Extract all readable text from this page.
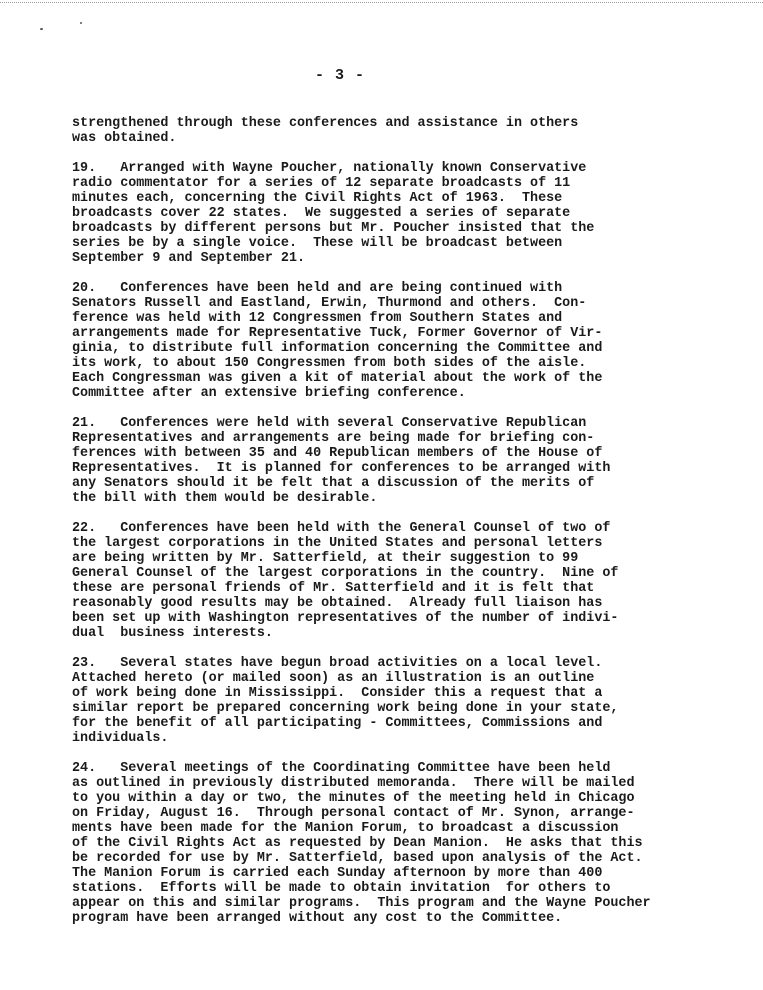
- 3 -
strengthened through these conferences and assistance in others
was obtained.
19.   Arranged with Wayne Poucher, nationally known Conservative
radio commentator for a series of 12 separate broadcasts of 11
minutes each, concerning the Civil Rights Act of 1963.  These
broadcasts cover 22 states.  We suggested a series of separate
broadcasts by different persons but Mr. Poucher insisted that the
series be by a single voice.  These will be broadcast between
September 9 and September 21.
20.   Conferences have been held and are being continued with
Senators Russell and Eastland, Erwin, Thurmond and others.  Con-
ference was held with 12 Congressmen from Southern States and
arrangements made for Representative Tuck, Former Governor of Vir-
ginia, to distribute full information concerning the Committee and
its work, to about 150 Congressmen from both sides of the aisle.
Each Congressman was given a kit of material about the work of the
Committee after an extensive briefing conference.
21.   Conferences were held with several Conservative Republican
Representatives and arrangements are being made for briefing con-
ferences with between 35 and 40 Republican members of the House of
Representatives.  It is planned for conferences to be arranged with
any Senators should it be felt that a discussion of the merits of
the bill with them would be desirable.
22.   Conferences have been held with the General Counsel of two of
the largest corporations in the United States and personal letters
are being written by Mr. Satterfield, at their suggestion to 99
General Counsel of the largest corporations in the country.  Nine of
these are personal friends of Mr. Satterfield and it is felt that
reasonably good results may be obtained.  Already full liaison has
been set up with Washington representatives of the number of indivi-
dual  business interests.
23.   Several states have begun broad activities on a local level.
Attached hereto (or mailed soon) as an illustration is an outline
of work being done in Mississippi.  Consider this a request that a
similar report be prepared concerning work being done in your state,
for the benefit of all participating - Committees, Commissions and
individuals.
24.   Several meetings of the Coordinating Committee have been held
as outlined in previously distributed memoranda.  There will be mailed
to you within a day or two, the minutes of the meeting held in Chicago
on Friday, August 16.  Through personal contact of Mr. Synon, arrange-
ments have been made for the Manion Forum, to broadcast a discussion
of the Civil Rights Act as requested by Dean Manion.  He asks that this
be recorded for use by Mr. Satterfield, based upon analysis of the Act.
The Manion Forum is carried each Sunday afternoon by more than 400
stations.  Efforts will be made to obtain invitation  for others to
appear on this and similar programs.  This program and the Wayne Poucher
program have been arranged without any cost to the Committee.
